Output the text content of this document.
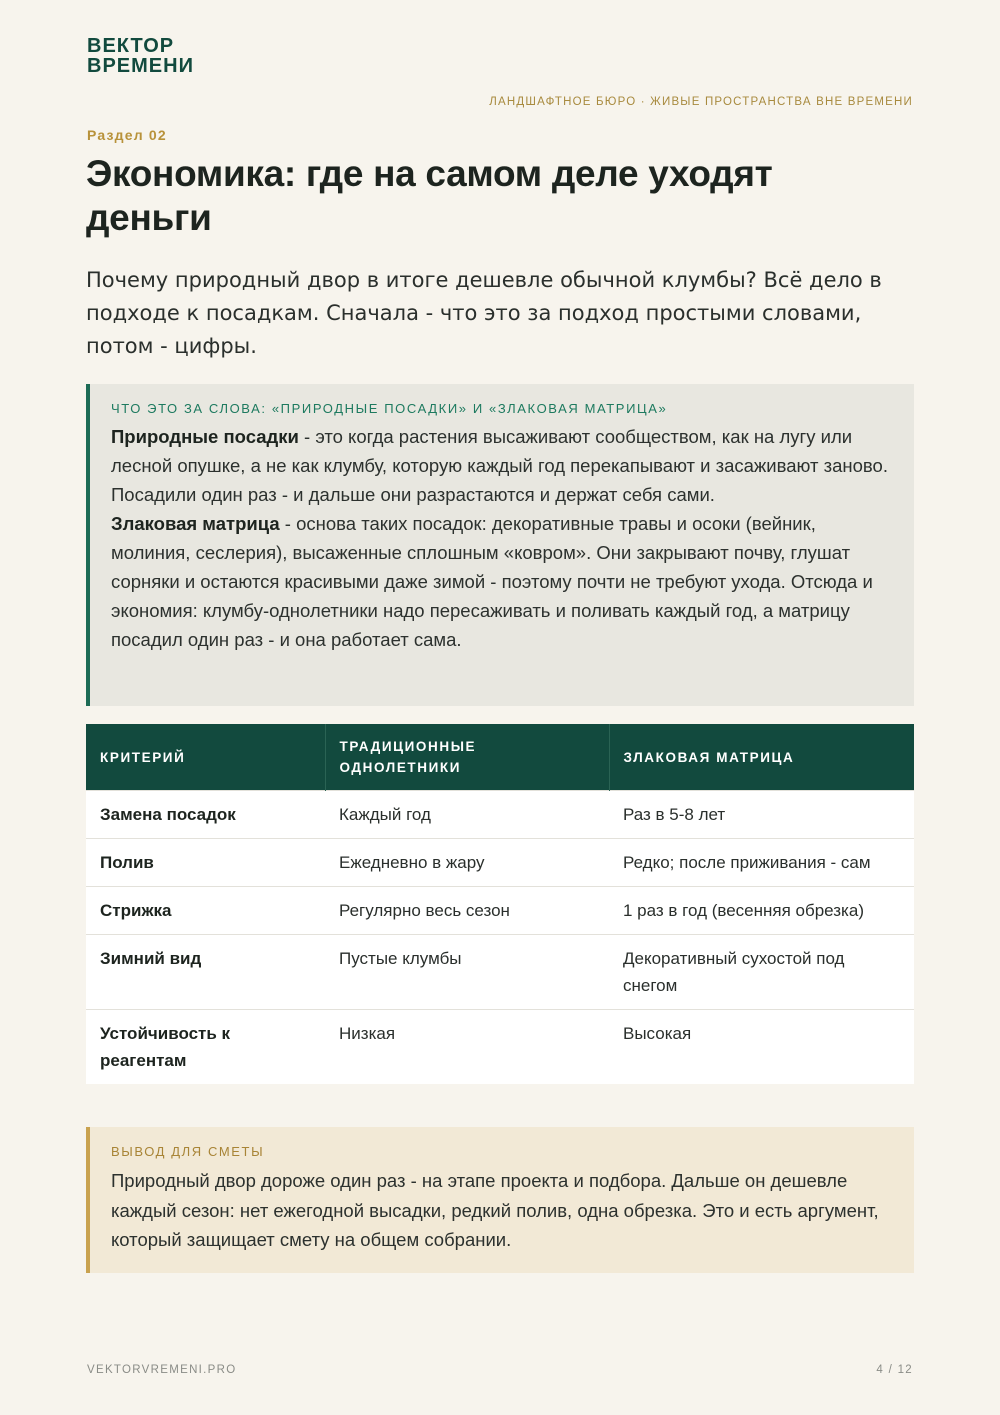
ВЕКТОР
ВРЕМЕНИ
ЛАНДШАФТНОЕ БЮРО · ЖИВЫЕ ПРОСТРАНСТВА ВНЕ ВРЕМЕНИ
Раздел 02
Экономика: где на самом деле уходят деньги

Почему природный двор в итоге дешевле обычной клумбы? Всё дело в подходе к посадкам. Сначала - что это за подход простыми словами, потом - цифры.

ЧТО ЭТО ЗА СЛОВА: «ПРИРОДНЫЕ ПОСАДКИ» И «ЗЛАКОВАЯ МАТРИЦА»
Природные посадки - это когда растения высаживают сообществом, как на лугу или лесной опушке, а не как клумбу, которую каждый год перекапывают и засаживают заново. Посадили один раз - и дальше они разрастаются и держат себя сами.
Злаковая матрица - основа таких посадок: декоративные травы и осоки (вейник, молиния, сеслерия), высаженные сплошным «ковром». Они закрывают почву, глушат сорняки и остаются красивыми даже зимой - поэтому почти не требуют ухода. Отсюда и экономия: клумбу-однолетники надо пересаживать и поливать каждый год, а матрицу посадил один раз - и она работает сама.
КРИТЕРИЙ	ТРАДИЦИОННЫЕ ОДНОЛЕТНИКИ	ЗЛАКОВАЯ МАТРИЦА
Замена посадок	Каждый год	Раз в 5-8 лет
Полив	Ежедневно в жару	Редко; после приживания - сам
Стрижка	Регулярно весь сезон	1 раз в год (весенняя обрезка)
Зимний вид	Пустые клумбы	Декоративный сухостой под снегом
Устойчивость к реагентам	Низкая	Высокая
ВЫВОД ДЛЯ СМЕТЫ
Природный двор дороже один раз - на этапе проекта и подбора. Дальше он дешевле каждый сезон: нет ежегодной высадки, редкий полив, одна обрезка. Это и есть аргумент, который защищает смету на общем собрании.
VEKTORVREMENI.PRO	4 / 12
